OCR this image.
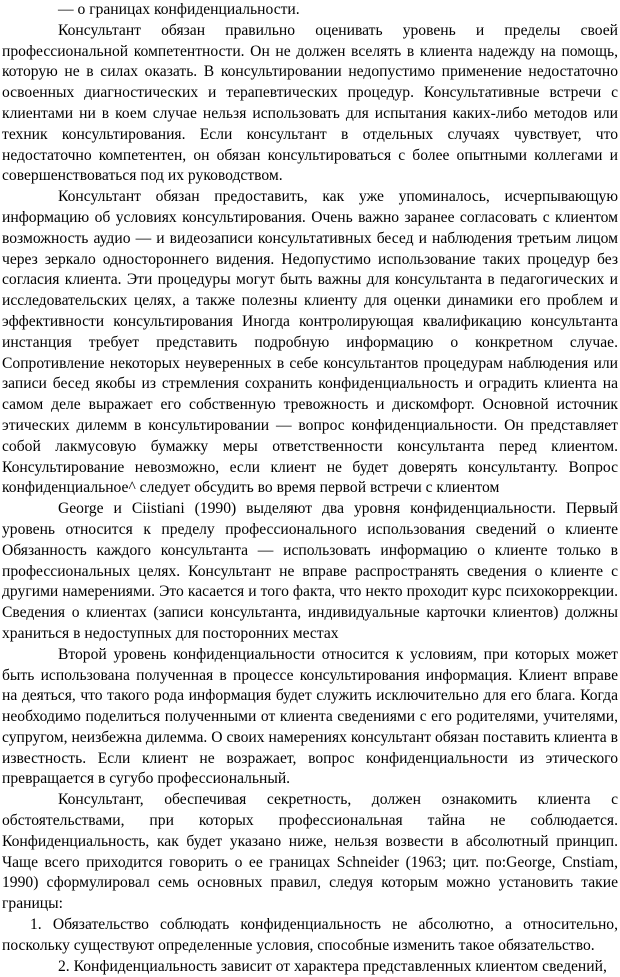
— о границах конфиденциальности.

Консультант обязан правильно оценивать уровень и пределы своей профессиональной компетентности. Он не должен вселять в клиента надежду на помощь, которую не в силах оказать. В консультировании недопустимо применение недостаточно освоенных диагностических и терапевтических процедур. Консультативные встречи с клиентами ни в коем случае нельзя использовать для испытания каких-либо методов или техник консультирования. Если консультант в отдельных случаях чувствует, что недостаточно компетентен, он обязан консультироваться с более опытными коллегами и совершенствоваться под их руководством.

Консультант обязан предоставить, как уже упоминалось, исчерпывающую информацию об условиях консультирования. Очень важно заранее согласовать с клиентом возможность аудио — и видеозаписи консультативных бесед и наблюдения третьим лицом через зеркало одностороннего видения. Недопустимо использование таких процедур без согласия клиента. Эти процедуры могут быть важны для консультанта в педагогических и исследовательских целях, а также полезны клиенту для оценки динамики его проблем и эффективности консультирования Иногда контролирующая квалификацию консультанта инстанция требует представить подробную информацию о конкретном случае. Сопротивление некоторых неуверенных в себе консультантов процедурам наблюдения или записи бесед якобы из стремления сохранить конфиденциальность и оградить клиента на самом деле выражает его собственную тревожность и дискомфорт. Основной источник этических дилемм в консультировании — вопрос конфиденциальности. Он представляет собой лакмусовую бумажку меры ответственности консультанта перед клиентом. Консультирование невозможно, если клиент не будет доверять консультанту. Вопрос конфиденциальное^ следует обсудить во время первой встречи с клиентом

George и Ciistiani (1990) выделяют два уровня конфиденциальности. Первый уровень относится к пределу профессионального использования сведений о клиенте Обязанность каждого консультанта — использовать информацию о клиенте только в профессиональных целях. Консультант не вправе распространять сведения о клиенте с другими намерениями. Это касается и того факта, что некто проходит курс психокоррекции. Сведения о клиентах (записи консультанта, индивидуальные карточки клиентов) должны храниться в недоступных для посторонних местах

Второй уровень конфиденциальности относится к условиям, при которых может быть использована полученная в процессе консультирования информация. Клиент вправе на деяться, что такого рода информация будет служить исключительно для его блага. Когда необходимо поделиться полученными от клиента сведениями с его родителями, учителями, супругом, неизбежна дилемма. О своих намерениях консультант обязан поставить клиента в известность. Если клиент не возражает, вопрос конфиденциальности из этического превращается в сугубо профессиональный.

Консультант, обеспечивая секретность, должен ознакомить клиента с обстоятельствами, при которых профессиональная тайна не соблюдается. Конфиденциальность, как будет указано ниже, нельзя возвести в абсолютный принцип. Чаще всего приходится говорить о ее границах Schneider (1963; цит. по:George, Cnstiam, 1990) сформулировал семь основных правил, следуя которым можно установить такие границы:

1. Обязательство соблюдать конфиденциальность не абсолютно, а относительно, поскольку существуют определенные условия, способные изменить такое обязательство.

2. Конфиденциальность зависит от характера представленных клиентом сведений,
